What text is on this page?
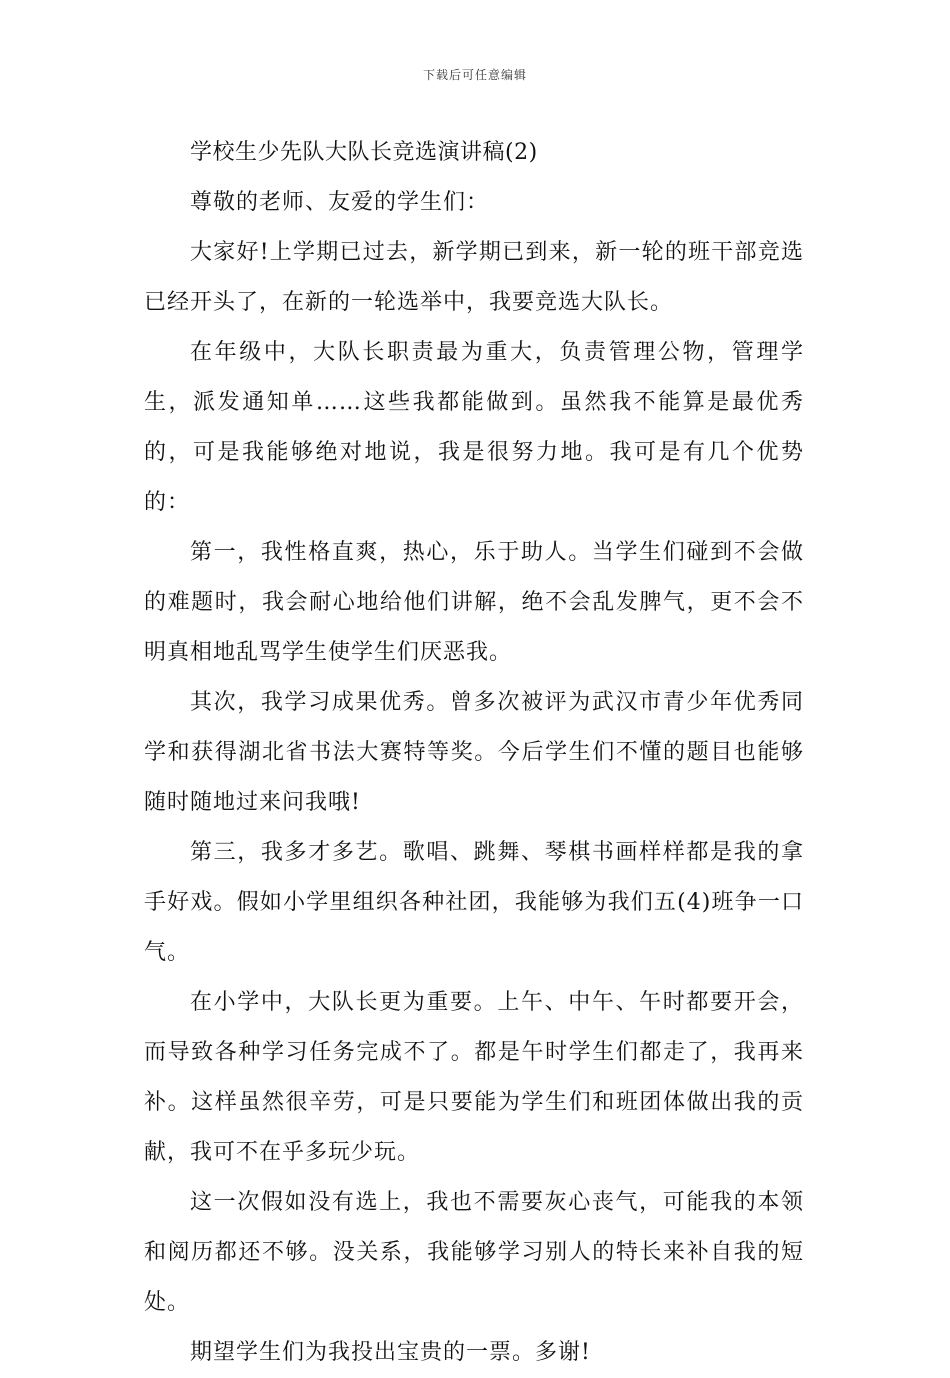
下载后可任意编辑
学校生少先队大队长竞选演讲稿(2)

尊敬的老师、友爱的学生们：

大家好!上学期已过去，新学期已到来，新一轮的班干部竞选已经开头了，在新的一轮选举中，我要竞选大队长。

在年级中，大队长职责最为重大，负责管理公物，管理学生，派发通知单……这些我都能做到。虽然我不能算是最优秀的，可是我能够绝对地说，我是很努力地。我可是有几个优势的：

第一，我性格直爽，热心，乐于助人。当学生们碰到不会做的难题时，我会耐心地给他们讲解，绝不会乱发脾气，更不会不明真相地乱骂学生使学生们厌恶我。

其次，我学习成果优秀。曾多次被评为武汉市青少年优秀同学和获得湖北省书法大赛特等奖。今后学生们不懂的题目也能够随时随地过来问我哦!

第三，我多才多艺。歌唱、跳舞、琴棋书画样样都是我的拿手好戏。假如小学里组织各种社团，我能够为我们五(4)班争一口气。

在小学中，大队长更为重要。上午、中午、午时都要开会，而导致各种学习任务完成不了。都是午时学生们都走了，我再来补。这样虽然很辛劳，可是只要能为学生们和班团体做出我的贡献，我可不在乎多玩少玩。

这一次假如没有选上，我也不需要灰心丧气，可能我的本领和阅历都还不够。没关系，我能够学习别人的特长来补自我的短处。

期望学生们为我投出宝贵的一票。多谢!
